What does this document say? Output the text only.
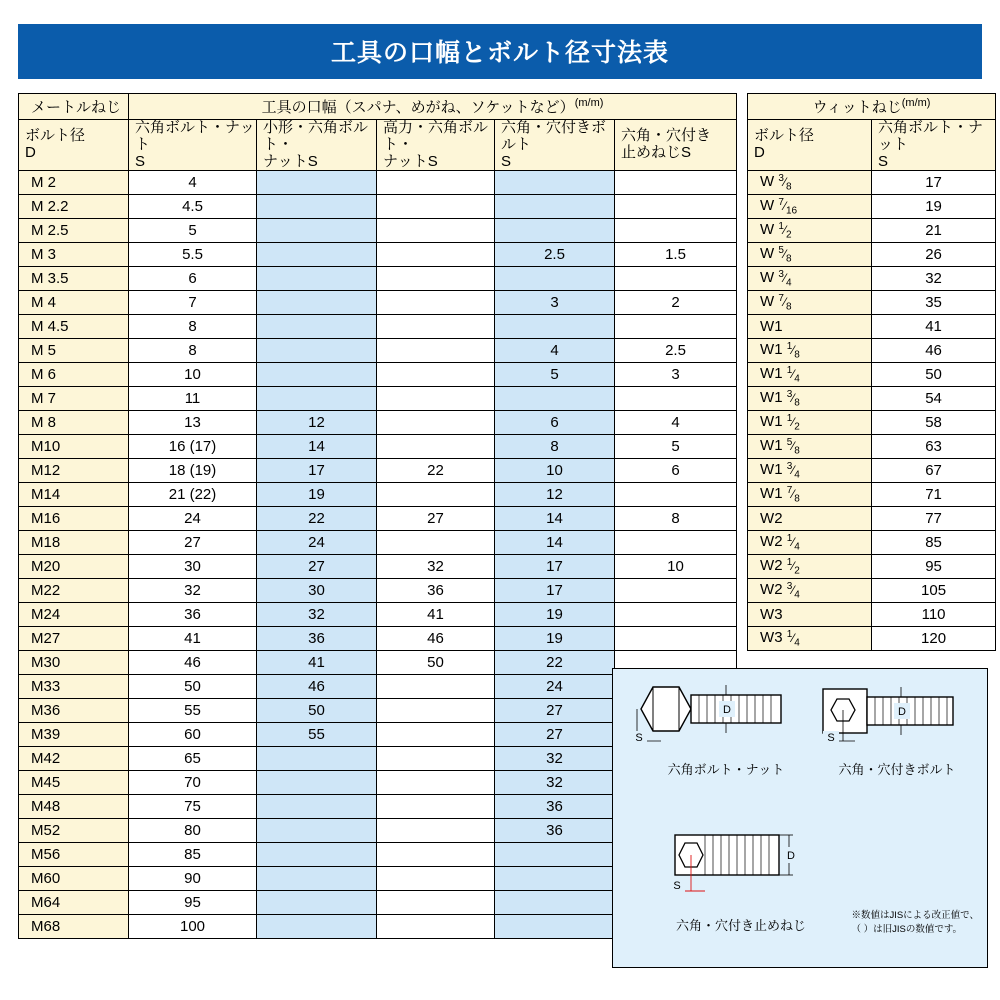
工具の口幅とボルト径寸法表
メートルねじ	工具の口幅（スパナ、めがね、ソケットなど）$^{(m/m)}$

ボルト径
D

六角ボルト・ナット
S

小形・六角ボルト・
ナットS

高力・六角ボルト・
ナットS

六角・穴付きボルト
S

六角・穴付き
止めねじS

M 2	4				
M 2.2	4.5				
M 2.5	5				
M 3	5.5			2.5	1.5
M 3.5	6				
M 4	7			3	2
M 4.5	8				
M 5	8			4	2.5
M 6	10			5	3
M 7	11				
M 8	13	12		6	4
M10	16 (17)	14		8	5
M12	18 (19)	17	22	10	6
M14	21 (22)	19		12	
M16	24	22	27	14	8
M18	27	24		14	
M20	30	27	32	17	10
M22	32	30	36	17	
M24	36	32	41	19	
M27	41	36	46	19	
M30	46	41	50	22	
M33	50	46		24	
M36	55	50		27	
M39	60	55		27	
M42	65			32	
M45	70			32	
M48	75			36	
M52	80			36	
M56	85				
M60	90				
M64	95				
M68	100				
ウィットねじ$^{(m/m)}$

ボルト径
D

六角ボルト・ナット
S

W $^3⁄_8$	17
W $^7⁄_{16}$	19
W $^1⁄_2$	21
W $^5⁄_8$	26
W $^3⁄_4$	32
W $^7⁄_8$	35
W1	41
W1 $^1⁄_8$	46
W1 $^1⁄_4$	50
W1 $^3⁄_8$	54
W1 $^1⁄_2$	58
W1 $^5⁄_8$	63
W1 $^3⁄_4$	67
W1 $^7⁄_8$	71
W2	77
W2 $^1⁄_4$	85
W2 $^1⁄_2$	95
W2 $^3⁄_4$	105
W3	110
W3 $^1⁄_4$	120
D
S
六角ボルト・ナット
D
S
六角・穴付きボルト
D
S
六角・穴付き止めねじ
※数値はJISによる改正値で、
（ ）は旧JISの数値です。
